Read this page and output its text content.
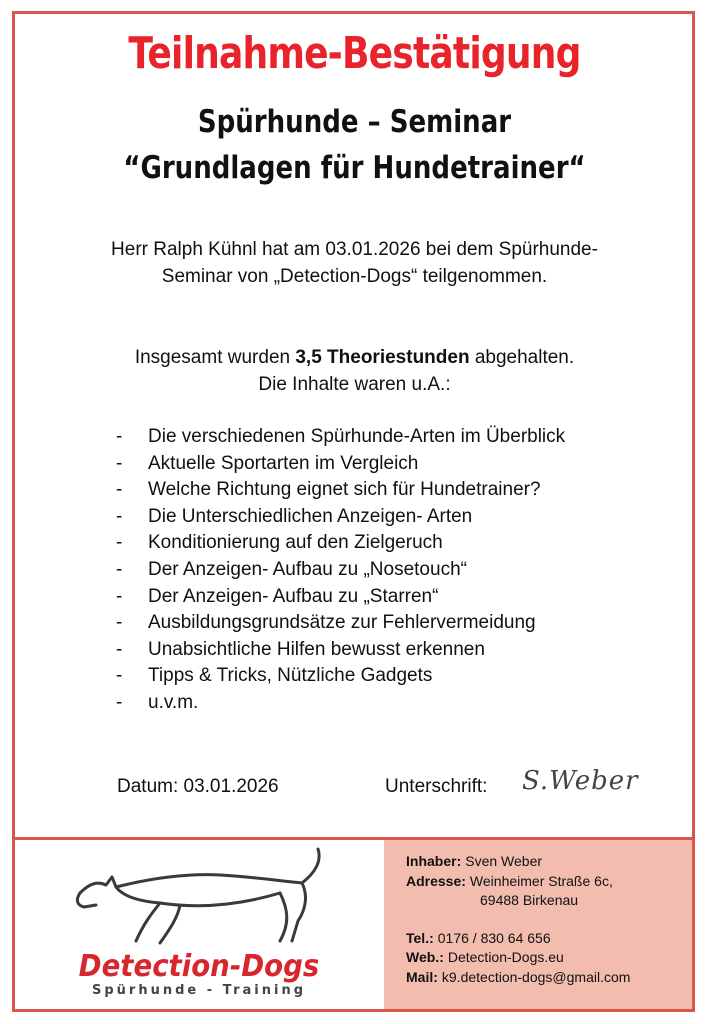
Teilnahme-Bestätigung
Spürhunde – Seminar
“Grundlagen für Hundetrainer“
Herr Ralph Kühnl hat am 03.01.2026 bei dem Spürhunde-
Seminar von „Detection-Dogs“ teilgenommen.
Insgesamt wurden 3,5 Theoriestunden abgehalten.
Die Inhalte waren u.A.:
-	Die verschiedenen Spürhunde-Arten im Überblick
-	Aktuelle Sportarten im Vergleich
-	Welche Richtung eignet sich für Hundetrainer?
-	Die Unterschiedlichen Anzeigen- Arten
-	Konditionierung auf den Zielgeruch
-	Der Anzeigen- Aufbau zu „Nosetouch“
-	Der Anzeigen- Aufbau zu „Starren“
-	Ausbildungsgrundsätze zur Fehlervermeidung
-	Unabsichtliche Hilfen bewusst erkennen
-	Tipps & Tricks, Nützliche Gadgets
-	u.v.m.
Datum: 03.01.2026	Unterschrift: S.Weber
Detection-Dogs
Spürhunde - Training
Inhaber: Sven Weber
Adresse: Weinheimer Straße 6c,
69488 Birkenau
Tel.: 0176 / 830 64 656
Web.: Detection-Dogs.eu
Mail: k9.detection-dogs@gmail.com
